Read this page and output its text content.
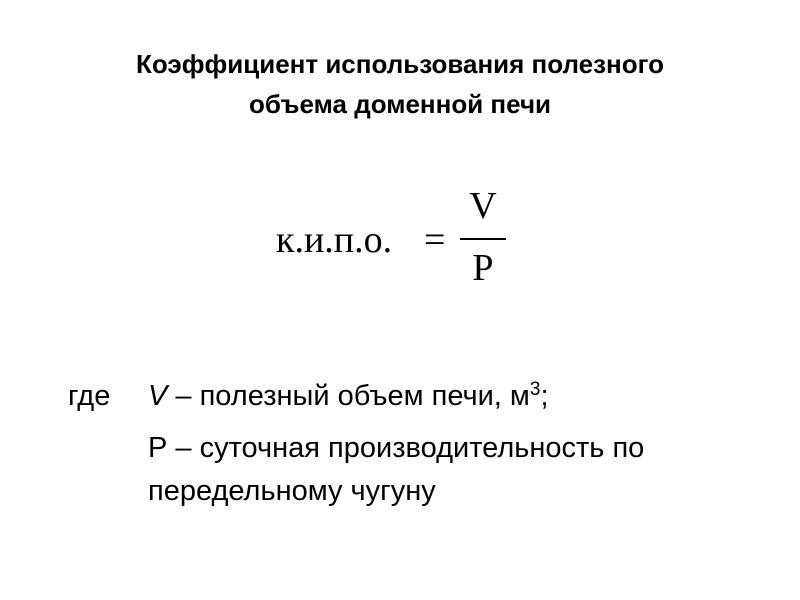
Коэффициент использования полезного
объема доменной печи
к.и.п.о. =
V
P
где V – полезный объем печи, $м^3$;
Р – суточная производительность по
передельному чугуну
